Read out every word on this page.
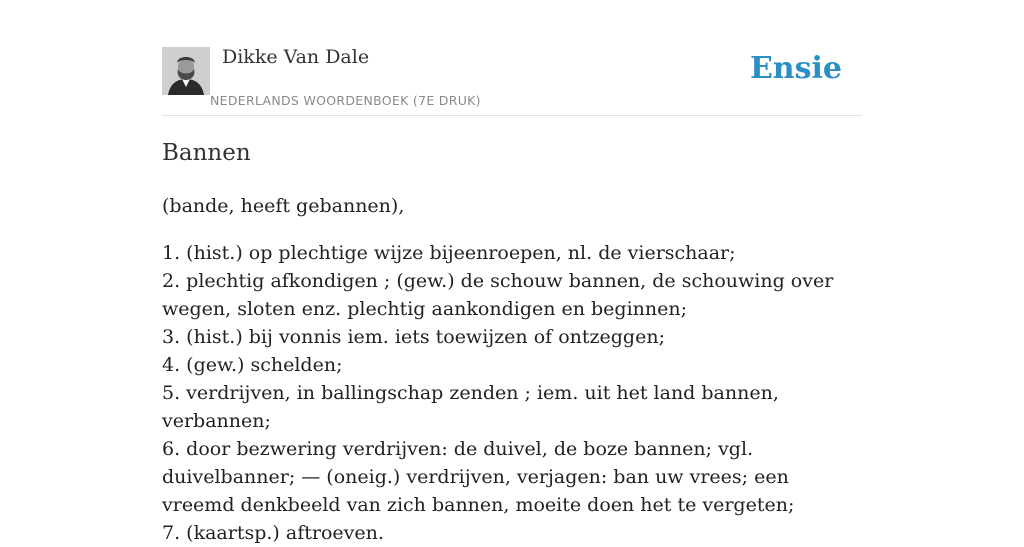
Dikke Van Dale
NEDERLANDS WOORDENBOEK (7E DRUK)
Ensie
Bannen

(bande, heeft gebannen),

1. (hist.) op plechtige wijze bijeenroepen, nl. de vierschaar;
2. plechtig afkondigen ; (gew.) de schouw bannen, de schouwing over wegen, sloten enz. plechtig aankondigen en beginnen;
3. (hist.) bij vonnis iem. iets toewijzen of ontzeggen;
4. (gew.) schelden;
5. verdrijven, in ballingschap zenden ; iem. uit het land bannen, verbannen;
6. door bezwering verdrijven: de duivel, de boze bannen; vgl. duivelbanner; — (oneig.) verdrijven, verjagen: ban uw vrees; een vreemd denkbeeld van zich bannen, moeite doen het te vergeten;
7. (kaartsp.) aftroeven.
